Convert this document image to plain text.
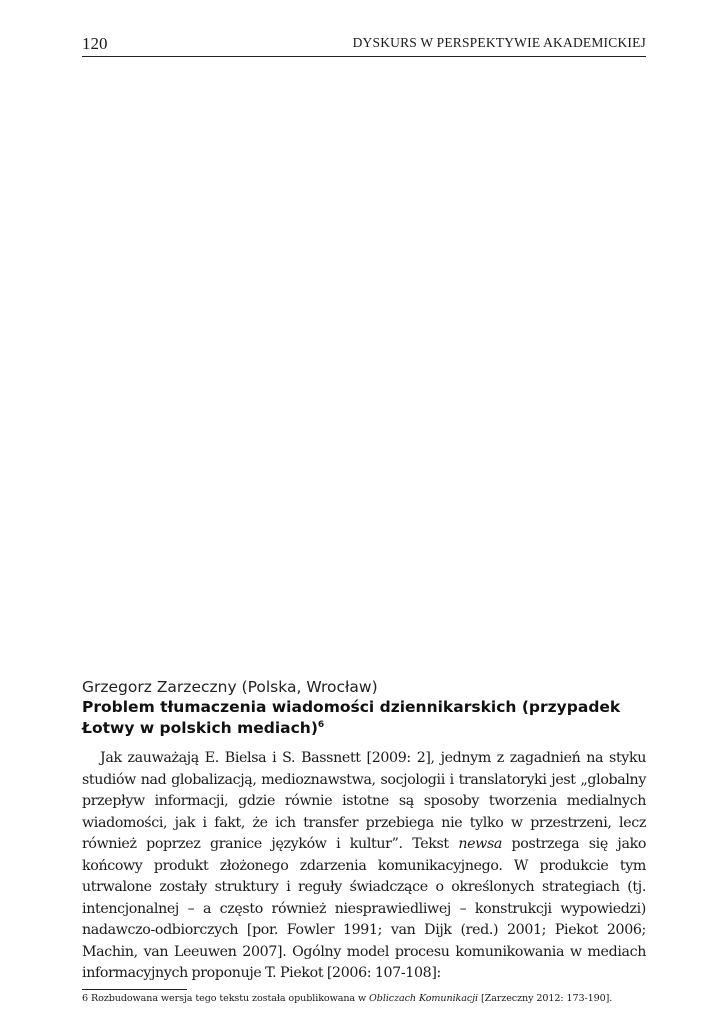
120	DYSKURS W PERSPEKTYWIE AKADEMICKIEJ

Grzegorz Zarzeczny (Polska, Wrocław)

Problem tłumaczenia wiadomości dziennikarskich (przypadek Łotwy w polskich mediach)$^6$

Jak zauważają E. Bielsa i S. Bassnett [2009: 2], jednym z zagadnień na styku studiów nad globalizacją, medioznawstwa, socjologii i translatoryki jest „globalny przepływ informacji, gdzie równie istotne są sposoby tworzenia medialnych wiadomości, jak i fakt, że ich transfer przebiega nie tylko w przestrzeni, lecz również poprzez granice języków i kultur”. Tekst newsa postrzega się jako końcowy produkt złożonego zdarzenia komunikacyjnego. W produkcie tym utrwalone zostały struktury i reguły świadczące o określonych strategiach (tj. intencjonalnej – a często również niesprawiedliwej – konstrukcji wypowiedzi) nadawczo-odbiorczych [por. Fowler 1991; van Dijk (red.) 2001; Piekot 2006; Machin, van Leeuwen 2007]. Ogólny model procesu komunikowania w mediach informacyjnych proponuje T. Piekot [2006: 107-108]:

6 Rozbudowana wersja tego tekstu została opublikowana w Obliczach Komunikacji [Zarzeczny 2012: 173-190].
